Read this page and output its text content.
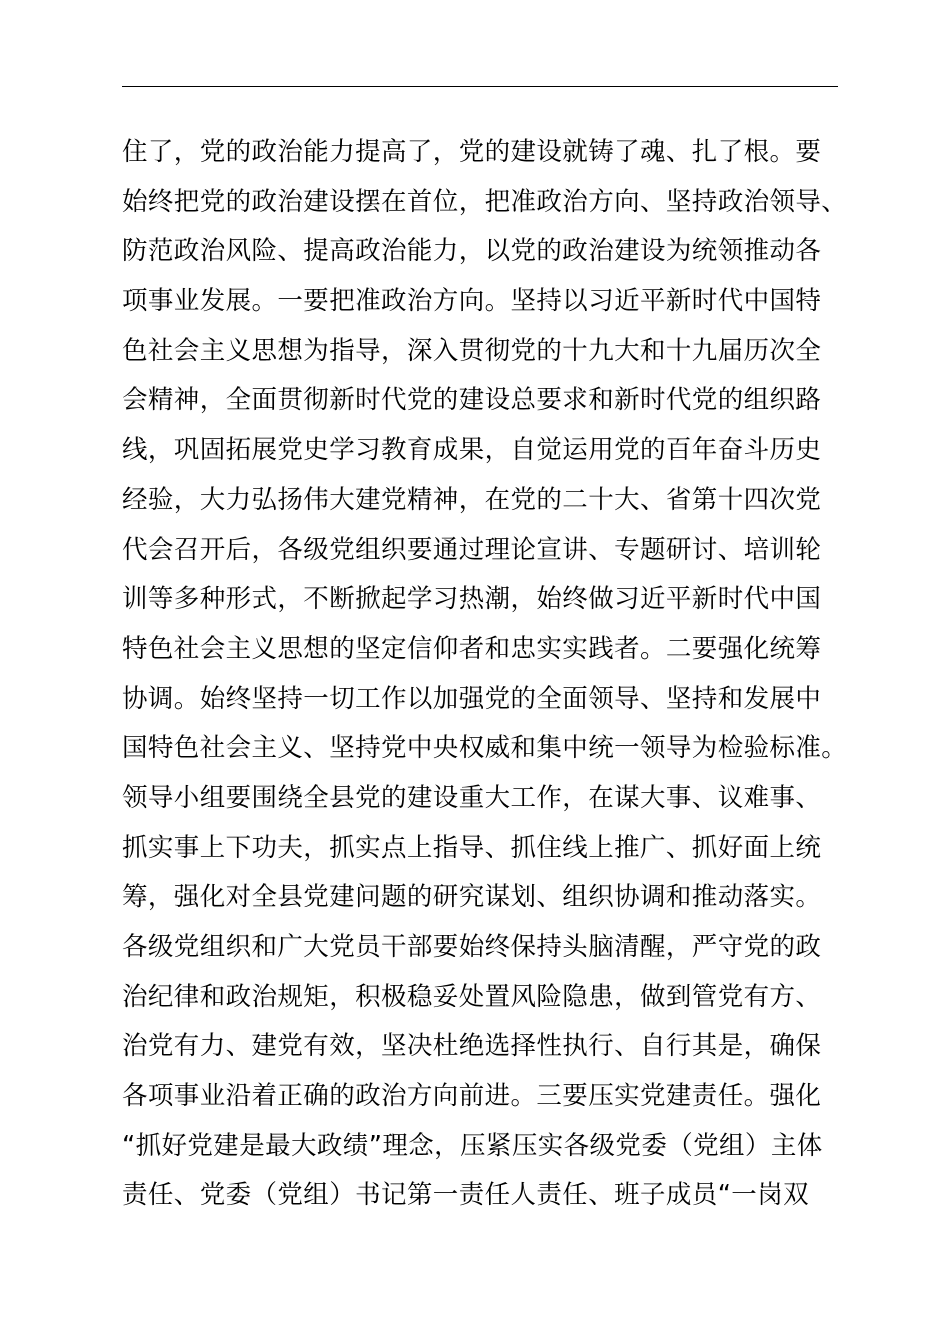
住了，党的政治能力提高了，党的建设就铸了魂、扎了根。要
始终把党的政治建设摆在首位，把准政治方向、坚持政治领导、
防范政治风险、提高政治能力，以党的政治建设为统领推动各
项事业发展。一要把准政治方向。坚持以习近平新时代中国特
色社会主义思想为指导，深入贯彻党的十九大和十九届历次全
会精神，全面贯彻新时代党的建设总要求和新时代党的组织路
线，巩固拓展党史学习教育成果，自觉运用党的百年奋斗历史
经验，大力弘扬伟大建党精神，在党的二十大、省第十四次党
代会召开后，各级党组织要通过理论宣讲、专题研讨、培训轮
训等多种形式，不断掀起学习热潮，始终做习近平新时代中国
特色社会主义思想的坚定信仰者和忠实实践者。二要强化统筹
协调。始终坚持一切工作以加强党的全面领导、坚持和发展中
国特色社会主义、坚持党中央权威和集中统一领导为检验标准。
领导小组要围绕全县党的建设重大工作，在谋大事、议难事、
抓实事上下功夫，抓实点上指导、抓住线上推广、抓好面上统
筹，强化对全县党建问题的研究谋划、组织协调和推动落实。
各级党组织和广大党员干部要始终保持头脑清醒，严守党的政
治纪律和政治规矩，积极稳妥处置风险隐患，做到管党有方、
治党有力、建党有效，坚决杜绝选择性执行、自行其是，确保
各项事业沿着正确的政治方向前进。三要压实党建责任。强化
“抓好党建是最大政绩”理念，压紧压实各级党委（党组）主体
责任、党委（党组）书记第一责任人责任、班子成员“一岗双
